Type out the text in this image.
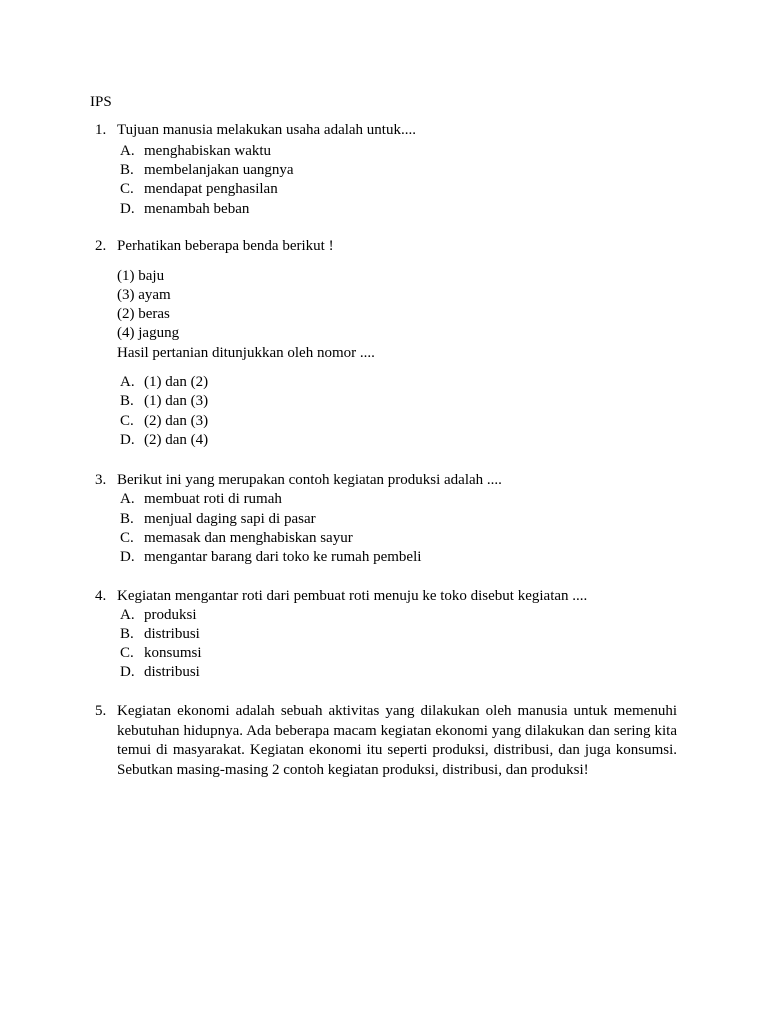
IPS
1. Tujuan manusia melakukan usaha adalah untuk....
A. menghabiskan waktu
B. membelanjakan uangnya
C. mendapat penghasilan
D. menambah beban
2. Perhatikan beberapa benda berikut !
(1) baju
(3) ayam
(2) beras
(4) jagung
Hasil pertanian ditunjukkan oleh nomor ....
A. (1) dan (2)
B. (1) dan (3)
C. (2) dan (3)
D. (2) dan (4)
3. Berikut ini yang merupakan contoh kegiatan produksi adalah ....
A. membuat roti di rumah
B. menjual daging sapi di pasar
C. memasak dan menghabiskan sayur
D. mengantar barang dari toko ke rumah pembeli
4. Kegiatan mengantar roti dari pembuat roti menuju ke toko disebut kegiatan ....
A. produksi
B. distribusi
C. konsumsi
D. distribusi
5. Kegiatan ekonomi adalah sebuah aktivitas yang dilakukan oleh manusia untuk memenuhi kebutuhan hidupnya. Ada beberapa macam kegiatan ekonomi yang dilakukan dan sering kita temui di masyarakat. Kegiatan ekonomi itu seperti produksi, distribusi, dan juga konsumsi. Sebutkan masing-masing 2 contoh kegiatan produksi, distribusi, dan produksi!
